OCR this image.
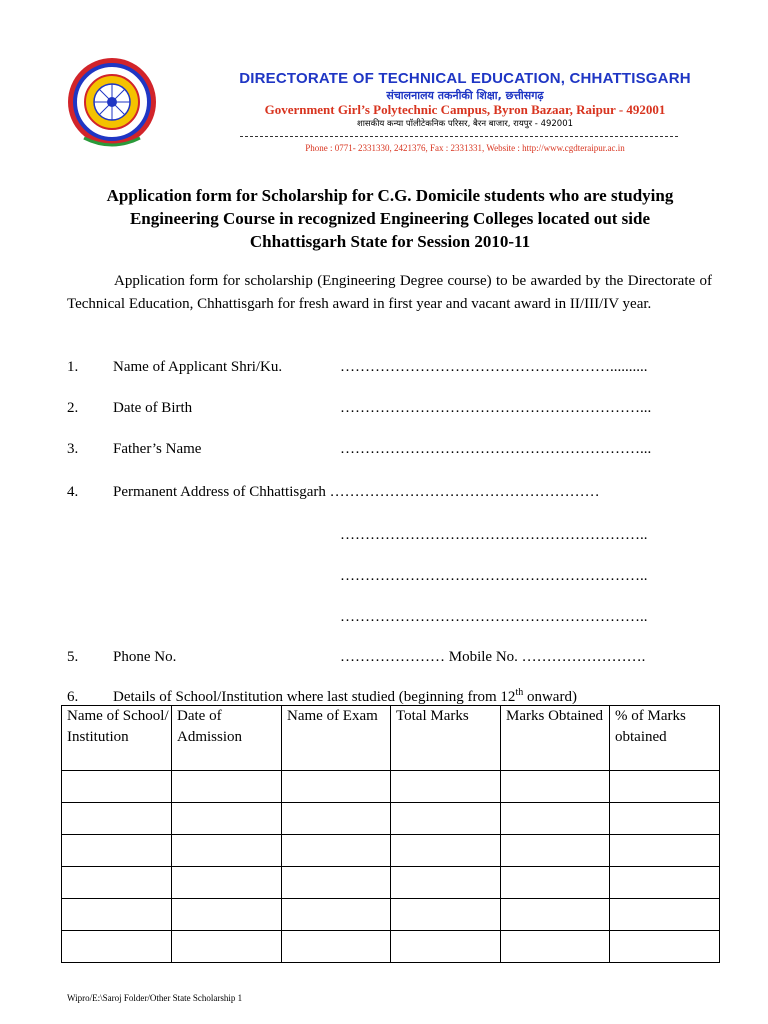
DIRECTORATE OF TECHNICAL EDUCATION, CHHATTISGARH
संचालनालय तकनीकी शिक्षा, छत्तीसगढ़
Government Girl’s Polytechnic Campus, Byron Bazaar, Raipur - 492001
शासकीय कन्या पॉलीटेकनिक परिसर, बैरन बाजार, रायपुर - 492001
Phone : 0771- 2331330, 2421376, Fax : 2331331, Website : http://www.cgdteraipur.ac.in
Application form for Scholarship for C.G. Domicile students who are studying
Engineering Course in recognized Engineering Colleges located out side
Chhattisgarh State for Session 2010-11
Application form for scholarship (Engineering Degree course) to be awarded by the Directorate of Technical Education, Chhattisgarh for fresh award in first year and vacant award in II/III/IV year.
1. Name of Applicant Shri/Ku.	………………………………………………..........
2. Date of Birth	……………………………………………………...
3. Father’s Name	……………………………………………………...
4. Permanent Address of Chhattisgarh ………………………………………………
……………………………………………………..
……………………………………………………..
……………………………………………………..
5. Phone No.	………………… Mobile No. …………………….
6. Details of School/Institution where last studied (beginning from 12th onward)
Name of School/ Institution	Date of Admission	Name of Exam	Total Marks	Marks Obtained	% of Marks obtained

Wipro/E:\Saroj Folder/Other State Scholarship 1
